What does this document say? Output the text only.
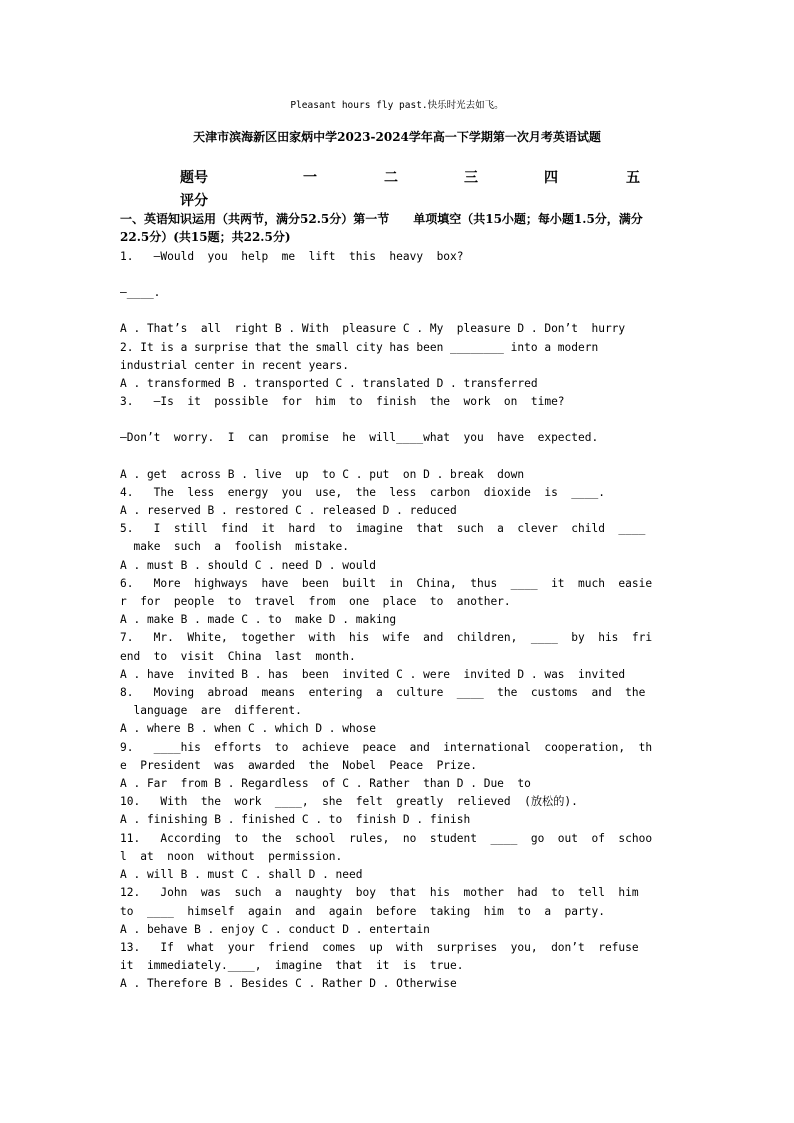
Pleasant hours fly past.快乐时光去如飞。
天津市滨海新区田家炳中学2023-2024学年高一下学期第一次月考英语试题
题号	一	二	三	四	五
评分
一、英语知识运用（共两节，满分52.5分）第一节　　单项填空（共15小题；每小题1.5分，满分22.5分）(共15题；共22.5分)

1.   —Would  you  help  me  lift  this  heavy  box?

—____.

A . That’s  all  right B . With  pleasure C . My  pleasure D . Don’t  hurry

2. It is a surprise that the small city has been ________ into a modern

industrial center in recent years.

A . transformed B . transported C . translated D . transferred

3.   —Is  it  possible  for  him  to  finish  the  work  on  time?

—Don’t  worry.  I  can  promise  he  will____what  you  have  expected.

A . get  across B . live  up  to C . put  on D . break  down

4.   The  less  energy  you  use,  the  less  carbon  dioxide  is  ____.

A . reserved B . restored C . released D . reduced

5.   I  still  find  it  hard  to  imagine  that  such  a  clever  child  ____

make  such  a  foolish  mistake.

A . must B . should C . need D . would

6.   More  highways  have  been  built  in  China,  thus  ____  it  much  easie

r  for  people  to  travel  from  one  place  to  another.

A . make B . made C . to  make D . making

7.   Mr.  White,  together  with  his  wife  and  children,  ____  by  his  fri

end  to  visit  China  last  month.

A . have  invited B . has  been  invited C . were  invited D . was  invited

8.   Moving  abroad  means  entering  a  culture  ____  the  customs  and  the

language  are  different.

A . where B . when C . which D . whose

9.   ____his  efforts  to  achieve  peace  and  international  cooperation,  th

e  President  was  awarded  the  Nobel  Peace  Prize.

A . Far  from B . Regardless  of C . Rather  than D . Due  to

10.   With  the  work  ____,  she  felt  greatly  relieved  (放松的).

A . finishing B . finished C . to  finish D . finish

11.   According  to  the  school  rules,  no  student  ____  go  out  of  schoo

l  at  noon  without  permission.

A . will B . must C . shall D . need

12.   John  was  such  a  naughty  boy  that  his  mother  had  to  tell  him

to  ____  himself  again  and  again  before  taking  him  to  a  party.

A . behave B . enjoy C . conduct D . entertain

13.   If  what  your  friend  comes  up  with  surprises  you,  don’t  refuse

it  immediately.____,  imagine  that  it  is  true.

A . Therefore B . Besides C . Rather D . Otherwise
